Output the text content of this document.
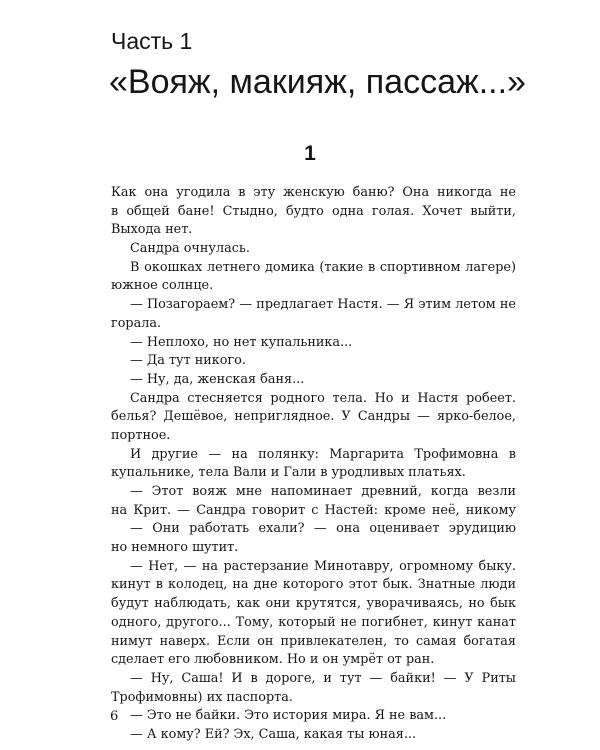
Часть 1
«Вояж, макияж, пассаж...»
1
Как она угодила в эту женскую баню? Она никогда не
в общей бане! Стыдно, будто одна голая. Хочет выйти,
Выхода нет.
Сандра очнулась.
В окошках летнего домика (такие в спортивном лагере)
южное солнце.
— Позагораем? — предлагает Настя. — Я этим летом не
горала.
— Неплохо, но нет купальника...
— Да тут никого.
— Ну, да, женская баня...
Сандра стесняется родного тела. Но и Настя робеет.
белья? Дешёвое, неприглядное. У Сандры — ярко-белое,
портное.
И другие — на полянку: Маргарита Трофимовна в
купальнике, тела Вали и Гали в уродливых платьях.
— Этот вояж мне напоминает древний, когда везли
на Крит. — Сандра говорит с Настей: кроме неё, никому
— Они работать ехали? — она оценивает эрудицию
но немного шутит.
— Нет, — на растерзание Минотавру, огромному быку.
кинут в колодец, на дне которого этот бык. Знатные люди
будут наблюдать, как они крутятся, уворачиваясь, но бык
одного, другого... Тому, который не погибнет, кинут канат
нимут наверх. Если он привлекателен, то самая богатая
сделает его любовником. Но и он умрёт от ран.
— Ну, Саша! И в дороге, и тут — байки! — У Риты
Трофимовны) их паспорта.
— Это не байки. Это история мира. Я не вам...
— А кому? Ей? Эх, Саша, какая ты юная...
6
